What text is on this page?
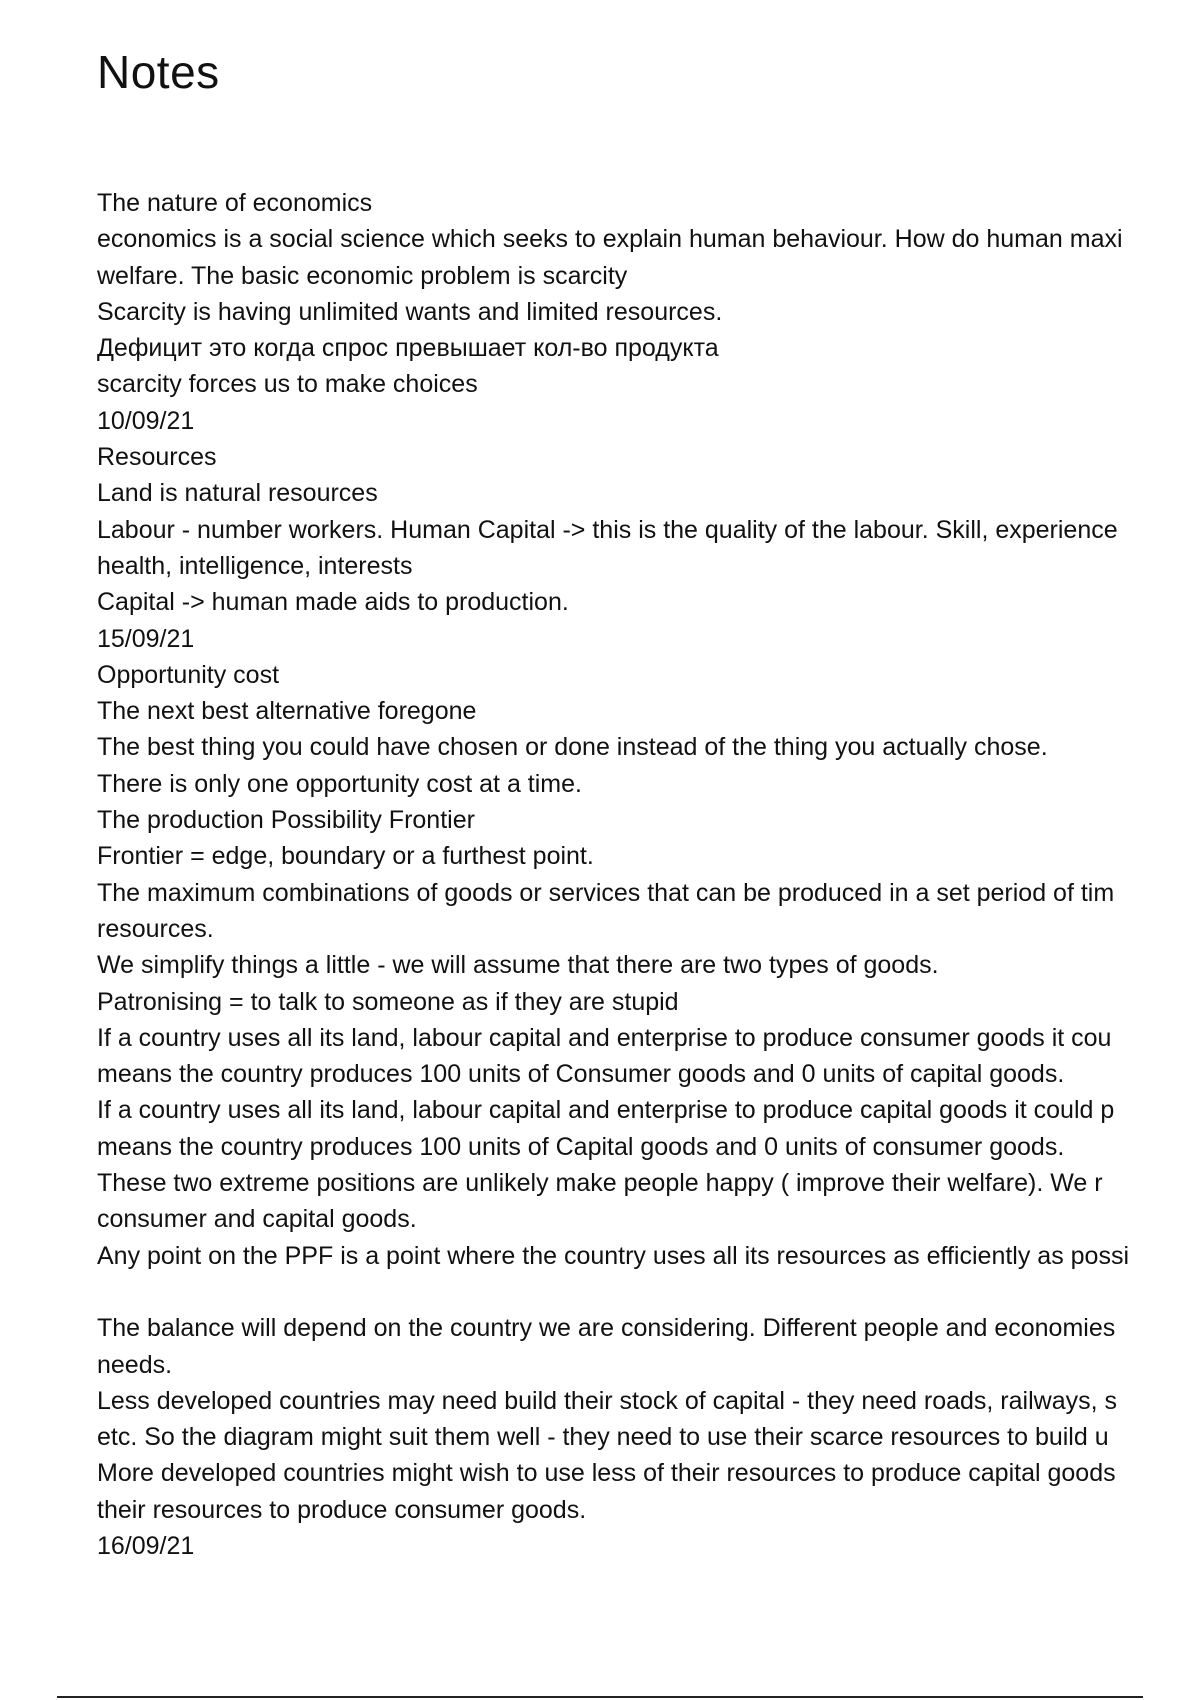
Notes
The nature of economics
economics is a social science which seeks to explain human behaviour. How do human maxi
welfare. The basic economic problem is scarcity
Scarcity is having unlimited wants and limited resources.
Дефицит это когда спрос превышает кол-во продукта
scarcity forces us to make choices
10/09/21
Resources
Land is natural resources
Labour - number workers. Human Capital -> this is the quality of the labour. Skill, experience
health, intelligence, interests
Capital -> human made aids to production.
15/09/21
Opportunity cost
The next best alternative foregone
The best thing you could have chosen or done instead of the thing you actually chose.
There is only one opportunity cost at a time.
The production Possibility Frontier
Frontier = edge, boundary or a furthest point.
The maximum combinations of goods or services that can be produced in a set period of tim
resources.
We simplify things a little - we will assume that there are two types of goods.
Patronising = to talk to someone as if they are stupid
If a country uses all its land, labour capital and enterprise to produce consumer goods it cou
means the country produces 100 units of Consumer goods and 0 units of capital goods.
If a country uses all its land, labour capital and enterprise to produce capital goods it could p
means the country produces 100 units of Capital goods and 0 units of consumer goods.
These two extreme positions are unlikely make people happy ( improve their welfare). We r
consumer and capital goods.
Any point on the PPF is a point where the country uses all its resources as efficiently as possi
The balance will depend on the country we are considering. Different people and economies
needs.
Less developed countries may need build their stock of capital - they need roads, railways, s
etc. So the diagram might suit them well - they need to use their scarce resources to build u
More developed countries might wish to use less of their resources to produce capital goods
their resources to produce consumer goods.
16/09/21
